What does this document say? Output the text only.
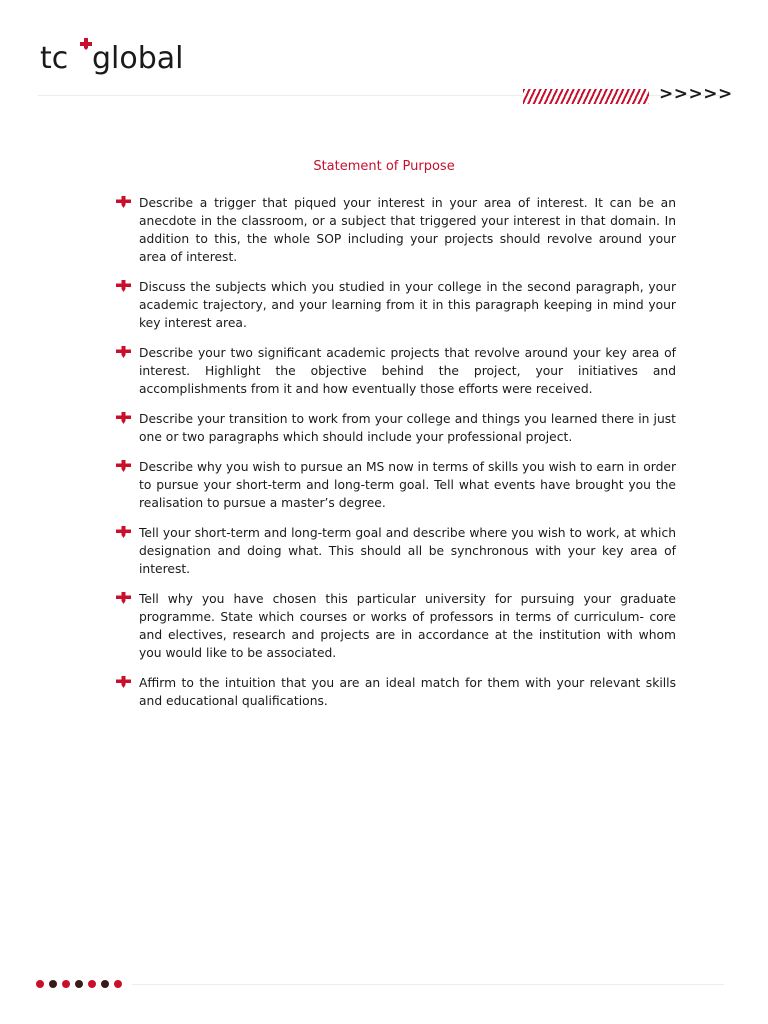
tc global
>>>>>
Statement of Purpose
Describe a trigger that piqued your interest in your area of interest. It can be an anecdote in the classroom, or a subject that triggered your interest in that domain. In addition to this, the whole SOP including your projects should revolve around your area of interest.
Discuss the subjects which you studied in your college in the second paragraph, your academic trajectory, and your learning from it in this paragraph keeping in mind your key interest area.
Describe your two significant academic projects that revolve around your key area of interest. Highlight the objective behind the project, your initiatives and accomplishments from it and how eventually those efforts were received.
Describe your transition to work from your college and things you learned there in just one or two paragraphs which should include your professional project.
Describe why you wish to pursue an MS now in terms of skills you wish to earn in order to pursue your short-term and long-term goal. Tell what events have brought you the realisation to pursue a master’s degree.
Tell your short-term and long-term goal and describe where you wish to work, at which designation and doing what. This should all be synchronous with your key area of interest.
Tell why you have chosen this particular university for pursuing your graduate programme. State which courses or works of professors in terms of curriculum- core and electives, research and projects are in accordance at the institution with whom you would like to be associated.
Affirm to the intuition that you are an ideal match for them with your relevant skills and educational qualifications.
